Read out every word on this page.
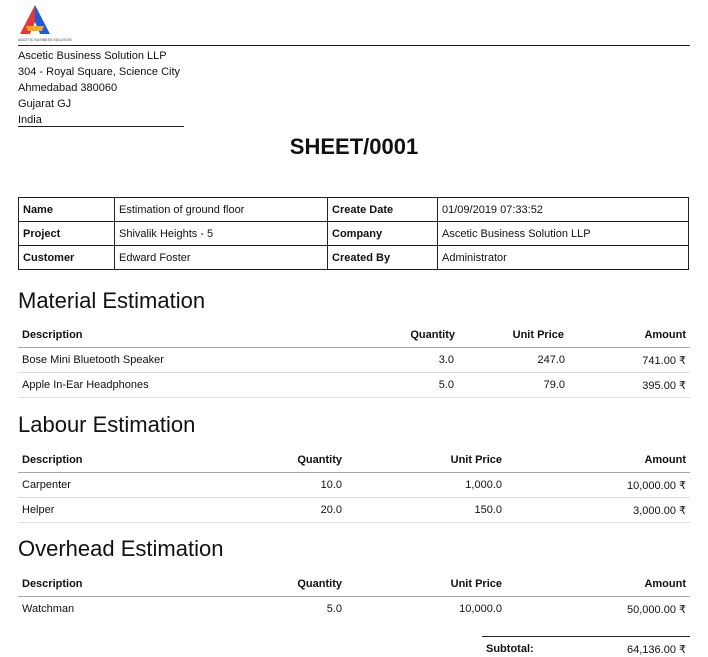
ASCETIC BUSINESS SOLUTION
Ascetic Business Solution LLP
304 - Royal Square, Science City
Ahmedabad 380060
Gujarat GJ
India
SHEET/0001
Name	Estimation of ground floor	Create Date	01/09/2019 07:33:52
Project	Shivalik Heights - 5	Company	Ascetic Business Solution LLP
Customer	Edward Foster	Created By	Administrator
Material Estimation
Description	Quantity	Unit Price	Amount
Bose Mini Bluetooth Speaker	3.0	247.0	741.00 ₹
Apple In-Ear Headphones	5.0	79.0	395.00 ₹
Labour Estimation
Description	Quantity	Unit Price	Amount
Carpenter	10.0	1,000.0	10,000.00 ₹
Helper	20.0	150.0	3,000.00 ₹
Overhead Estimation
Description	Quantity	Unit Price	Amount
Watchman	5.0	10,000.0	50,000.00 ₹
Subtotal:	64,136.00 ₹
